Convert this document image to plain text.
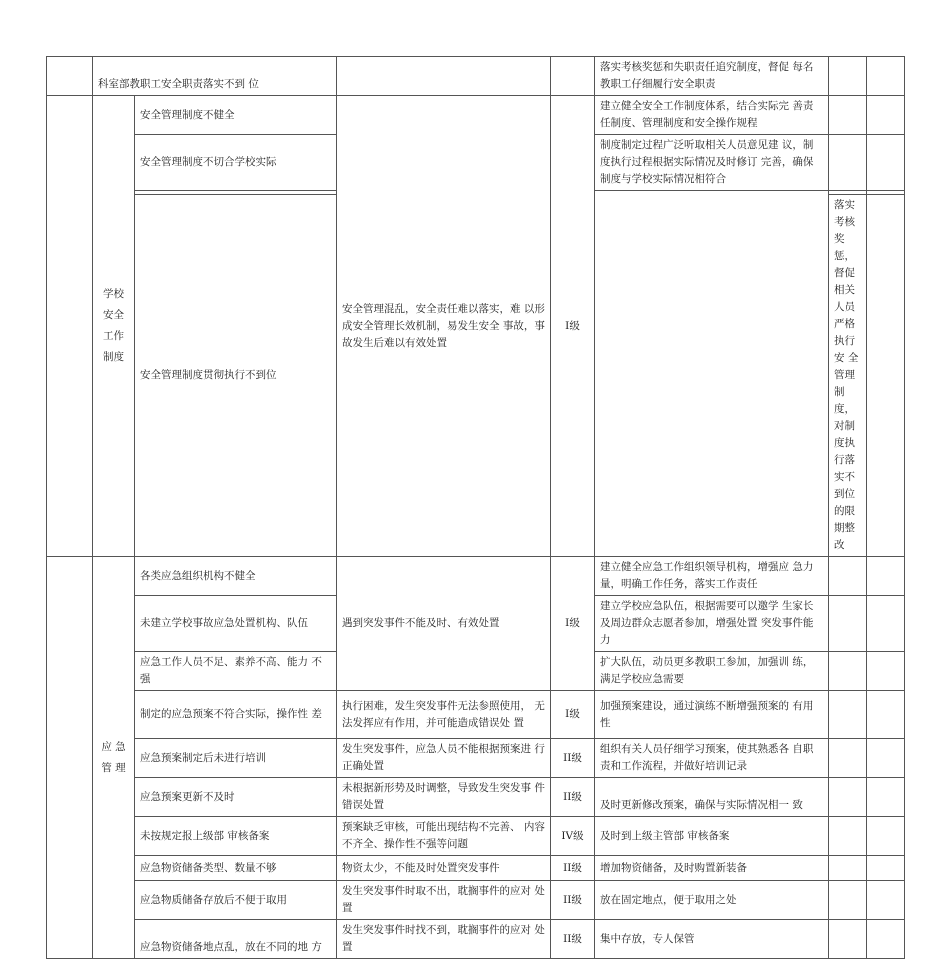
	科室部教职工安全职责落实不到 位				落实考核奖惩和失职责任追究制度，督促 每名教职工仔细履行安全职责			
	学校 安全 工作 制度	安全管理制度不健全	安全管理混乱，安全责任难以落实，难 以形成安全管理长效机制，易发生安全 事故，事故发生后难以有效处置	I级	建立健全安全工作制度体系，结合实际完 善责任制度、管理制度和安全操作规程			
		安全管理制度不切合学校实际			制度制定过程广泛听取相关人员意见建 议，制度执行过程根据实际情况及时修订 完善，确保制度与学校实际情况相符合			

		安全管理制度贯彻执行不到位				落实考核奖惩，督促相关人员严格执行安 全管理制度，对制度执行落实不到位的限 期整改		
	应 急 管 理	各类应急组织机构不健全	遇到突发事件不能及时、有效处置	I级	建立健全应急工作组织领导机构，增强应 急力量，明确工作任务，落实工作责任			
		未建立学校事故应急处置机构、队伍			建立学校应急队伍，根据需要可以邀学 生家长及周边群众志愿者参加，增强处置 突发事件能力			
		应急工作人员不足、素养不高、能力 不强			扩大队伍，动员更多教职工参加，加强训 练，满足学校应急需要			
		制定的应急预案不符合实际，操作性 差	执行困难，发生突发事件无法参照使用， 无法发挥应有作用，并可能造成错误处 置	I级	加强预案建设，通过演练不断增强预案的 有用性			
		应急预案制定后未进行培训	发生突发事件，应急人员不能根据预案进 行正确处置	II级	组织有关人员仔细学习预案，使其熟悉各 自职责和工作流程，并做好培训记录			
		应急预案更新不及时	未根据新形势及时调整，导致发生突发事 件错误处置	II级	及时更新修改预案，确保与实际情况相一 致			
		未按规定报上级部 审核备案	预案缺乏审核，可能出现结构不完善、 内容不齐全、操作性不强等问题	IV级	及时到上级主管部 审核备案			
		应急物资储备类型、数量不够	物资太少，不能及时处置突发事件	II级	增加物资储备，及时购置新装备			
		应急物质储备存放后不便于取用	发生突发事件时取不出，耽搁事件的应对 处置	II级	放在固定地点，便于取用之处			
		应急物资储备地点乱，放在不同的地 方	发生突发事件时找不到，耽搁事件的应对 处置	II级	集中存放，专人保管			
